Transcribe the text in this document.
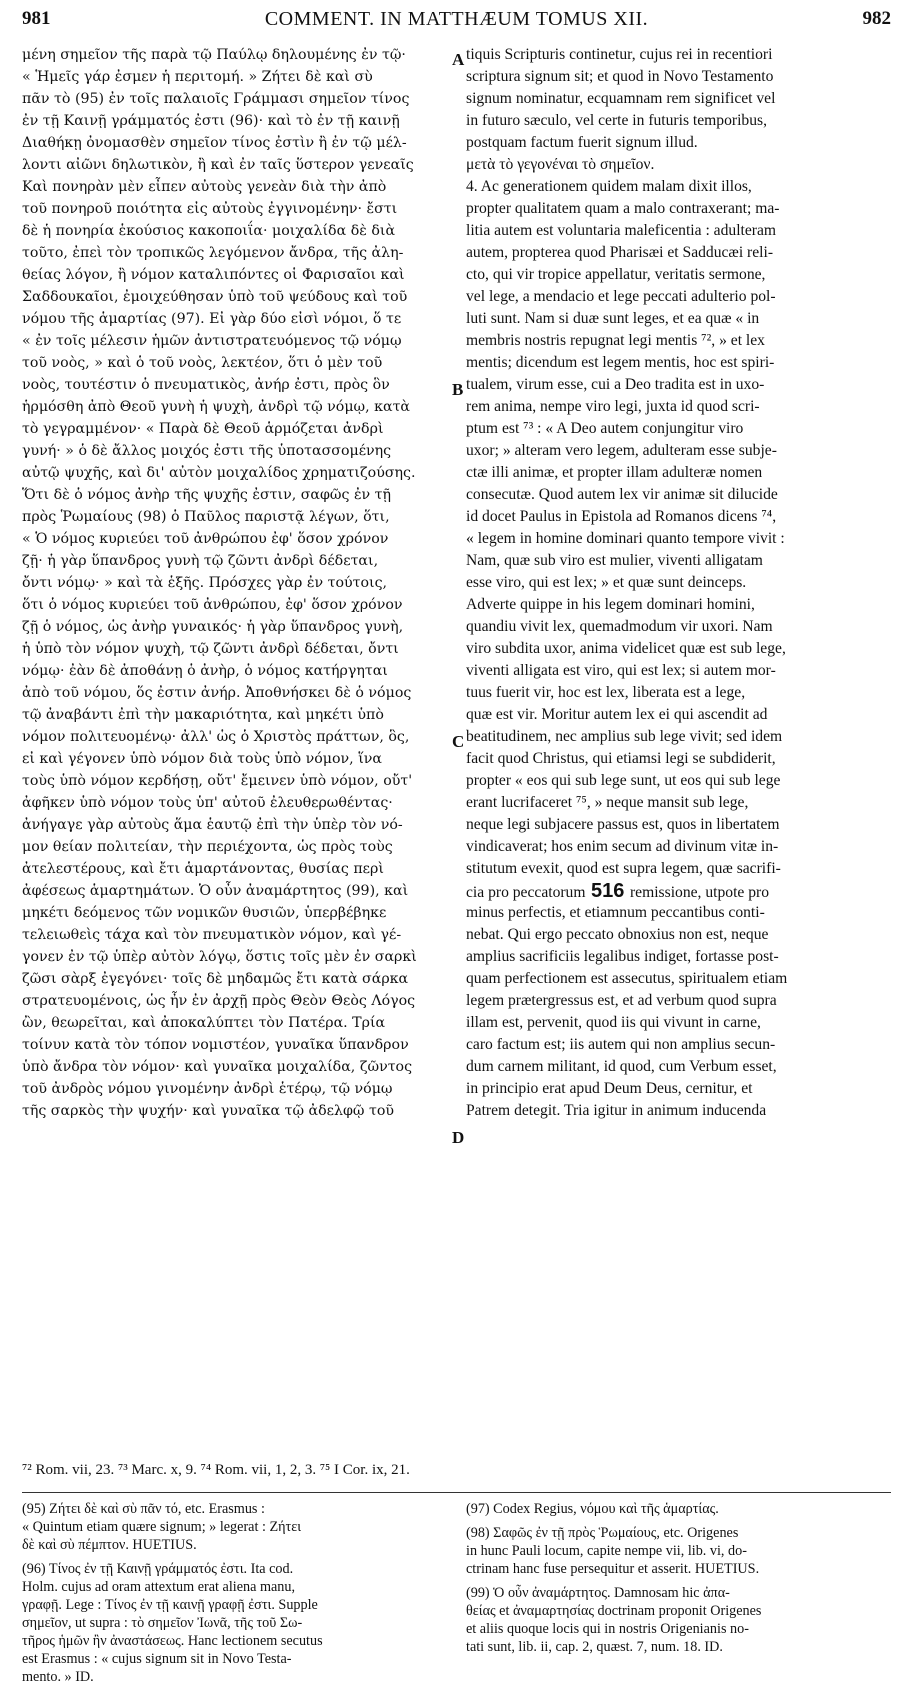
981	COMMENT. IN MATTHÆUM TOMUS XII.	982
μένη σημεῖον τῆς παρὰ τῷ Παύλῳ δηλουμένης ἐν τῷ·
« Ἡμεῖς γάρ ἐσμεν ἡ περιτομή. » Ζήτει δὲ καὶ σὺ
πᾶν τὸ (95) ἐν τοῖς παλαιοῖς Γράμμασι σημεῖον τίνος
ἐν τῇ Καινῇ γράμματός ἐστι (96)· καὶ τὸ ἐν τῇ καινῇ
Διαθήκῃ ὀνομασθὲν σημεῖον τίνος ἐστὶν ἢ ἐν τῷ μέλ-
λοντι αἰῶνι δηλωτικὸν, ἢ καὶ ἐν ταῖς ὕστερον γενεαῖς
Καὶ πονηρὰν μὲν εἶπεν αὐτοὺς γενεὰν διὰ τὴν ἀπὸ
τοῦ πονηροῦ ποιότητα εἰς αὐτοὺς ἐγγινομένην· ἔστι
δὲ ἡ πονηρία ἑκούσιος κακοποιΐα· μοιχαλίδα δὲ διὰ
τοῦτο, ἐπεὶ τὸν τροπικῶς λεγόμενον ἄνδρα, τῆς ἀλη-
θείας λόγον, ἢ νόμον καταλιπόντες οἱ Φαρισαῖοι καὶ
Σαδδουκαῖοι, ἐμοιχεύθησαν ὑπὸ τοῦ ψεύδους καὶ τοῦ
νόμου τῆς ἁμαρτίας (97). Εἰ γὰρ δύο εἰσὶ νόμοι, ὅ τε
« ἐν τοῖς μέλεσιν ἡμῶν ἀντιστρατευόμενος τῷ νόμῳ
τοῦ νοὸς, » καὶ ὁ τοῦ νοὸς, λεκτέον, ὅτι ὁ μὲν τοῦ
νοὸς, τουτέστιν ὁ πνευματικὸς, ἀνήρ ἐστι, πρὸς ὃν
ἡρμόσθη ἀπὸ Θεοῦ γυνὴ ἡ ψυχὴ, ἀνδρὶ τῷ νόμῳ, κατὰ
τὸ γεγραμμένον· « Παρὰ δὲ Θεοῦ ἁρμόζεται ἀνδρὶ
γυνή· » ὁ δὲ ἄλλος μοιχός ἐστι τῆς ὑποτασσομένης
αὐτῷ ψυχῆς, καὶ δι' αὐτὸν μοιχαλίδος χρηματιζούσης.
Ὅτι δὲ ὁ νόμος ἀνὴρ τῆς ψυχῆς ἐστιν, σαφῶς ἐν τῇ
πρὸς Ῥωμαίους (98) ὁ Παῦλος παριστᾷ λέγων, ὅτι,
« Ὁ νόμος κυριεύει τοῦ ἀνθρώπου ἐφ' ὅσον χρόνον
ζῇ· ἡ γὰρ ὕπανδρος γυνὴ τῷ ζῶντι ἀνδρὶ δέδεται,
ὄντι νόμῳ· » καὶ τὰ ἑξῆς. Πρόσχες γὰρ ἐν τούτοις,
ὅτι ὁ νόμος κυριεύει τοῦ ἀνθρώπου, ἐφ' ὅσον χρόνον
ζῇ ὁ νόμος, ὡς ἀνὴρ γυναικός· ἡ γὰρ ὕπανδρος γυνὴ,
ἡ ὑπὸ τὸν νόμον ψυχὴ, τῷ ζῶντι ἀνδρὶ δέδεται, ὄντι
νόμῳ· ἐὰν δὲ ἀποθάνῃ ὁ ἀνὴρ, ὁ νόμος κατήργηται
ἀπὸ τοῦ νόμου, ὅς ἐστιν ἀνήρ. Ἀποθνήσκει δὲ ὁ νόμος
τῷ ἀναβάντι ἐπὶ τὴν μακαριότητα, καὶ μηκέτι ὑπὸ
νόμον πολιτευομένῳ· ἀλλ' ὡς ὁ Χριστὸς πράττων, ὃς,
εἰ καὶ γέγονεν ὑπὸ νόμον διὰ τοὺς ὑπὸ νόμον, ἵνα
τοὺς ὑπὸ νόμον κερδήσῃ, οὔτ' ἔμεινεν ὑπὸ νόμον, οὔτ'
ἀφῆκεν ὑπὸ νόμον τοὺς ὑπ' αὐτοῦ ἐλευθερωθέντας·
ἀνήγαγε γὰρ αὐτοὺς ἅμα ἑαυτῷ ἐπὶ τὴν ὑπὲρ τὸν νό-
μον θείαν πολιτείαν, τὴν περιέχοντα, ὡς πρὸς τοὺς
ἀτελεστέρους, καὶ ἔτι ἁμαρτάνοντας, θυσίας περὶ
ἀφέσεως ἁμαρτημάτων. Ὁ οὖν ἀναμάρτητος (99), καὶ
μηκέτι δεόμενος τῶν νομικῶν θυσιῶν, ὑπερβέβηκε
τελειωθεὶς τάχα καὶ τὸν πνευματικὸν νόμον, καὶ γέ-
γονεν ἐν τῷ ὑπὲρ αὐτὸν λόγῳ, ὅστις τοῖς μὲν ἐν σαρκὶ
ζῶσι σὰρξ ἐγεγόνει· τοῖς δὲ μηδαμῶς ἔτι κατὰ σάρκα
στρατευομένοις, ὡς ἦν ἐν ἀρχῇ πρὸς Θεὸν Θεὸς Λόγος
ὢν, θεωρεῖται, καὶ ἀποκαλύπτει τὸν Πατέρα. Τρία
τοίνυν κατὰ τὸν τόπον νομιστέον, γυναῖκα ὕπανδρον
ὑπὸ ἄνδρα τὸν νόμον· καὶ γυναῖκα μοιχαλίδα, ζῶντος
τοῦ ἀνδρὸς νόμου γινομένην ἀνδρὶ ἑτέρῳ, τῷ νόμῳ
τῆς σαρκὸς τὴν ψυχήν· καὶ γυναῖκα τῷ ἀδελφῷ τοῦ
tiquis Scripturis continetur, cujus rei in recentiori
scriptura signum sit; et quod in Novo Testamento
signum nominatur, ecquamnam rem significet vel
in futuro sæculo, vel certe in futuris temporibus,
postquam factum fuerit signum illud.
μετὰ τὸ γεγονέναι τὸ σημεῖον.
4. Ac generationem quidem malam dixit illos,
propter qualitatem quam a malo contraxerant; ma-
litia autem est voluntaria maleficentia : adulteram
autem, propterea quod Pharisæi et Sadducæi reli-
cto, qui vir tropice appellatur, veritatis sermone,
vel lege, a mendacio et lege peccati adulterio pol-
luti sunt. Nam si duæ sunt leges, et ea quæ « in
membris nostris repugnat legi mentis ⁷², » et lex
mentis; dicendum est legem mentis, hoc est spiri-
tualem, virum esse, cui a Deo tradita est in uxo-
rem anima, nempe viro legi, juxta id quod scri-
ptum est ⁷³ : « A Deo autem conjungitur viro
uxor; » alteram vero legem, adulteram esse subje-
ctæ illi animæ, et propter illam adulteræ nomen
consecutæ. Quod autem lex vir animæ sit dilucide
id docet Paulus in Epistola ad Romanos dicens ⁷⁴,
« legem in homine dominari quanto tempore vivit :
Nam, quæ sub viro est mulier, viventi alligatam
esse viro, qui est lex; » et quæ sunt deinceps.
Adverte quippe in his legem dominari homini,
quandiu vivit lex, quemadmodum vir uxori. Nam
viro subdita uxor, anima videlicet quæ est sub lege,
viventi alligata est viro, qui est lex; si autem mor-
tuus fuerit vir, hoc est lex, liberata est a lege,
quæ est vir. Moritur autem lex ei qui ascendit ad
beatitudinem, nec amplius sub lege vivit; sed idem
facit quod Christus, qui etiamsi legi se subdiderit,
propter « eos qui sub lege sunt, ut eos qui sub lege
erant lucrifaceret ⁷⁵, » neque mansit sub lege,
neque legi subjacere passus est, quos in libertatem
vindicaverat; hos enim secum ad divinum vitæ in-
stitutum evexit, quod est supra legem, quæ sacrifi-
cia pro peccatorum 516 remissione, utpote pro
minus perfectis, et etiamnum peccantibus conti-
nebat. Qui ergo peccato obnoxius non est, neque
amplius sacrificiis legalibus indiget, fortasse post-
quam perfectionem est assecutus, spiritualem etiam
legem prætergressus est, et ad verbum quod supra
illam est, pervenit, quod iis qui vivunt in carne,
caro factum est; iis autem qui non amplius secun-
dum carnem militant, id quod, cum Verbum esset,
in principio erat apud Deum Deus, cernitur, et
Patrem detegit. Tria igitur in animum inducenda
A
B
C
D
⁷² Rom. vii, 23. ⁷³ Marc. x, 9. ⁷⁴ Rom. vii, 1, 2, 3. ⁷⁵ I Cor. ix, 21.
(95) Ζήτει δὲ καὶ σὺ πᾶν τό, etc. Erasmus :
« Quintum etiam quære signum; » legerat : Ζήτει
δὲ καὶ σὺ πέμπτον. HUETIUS.
(96) Τίνος ἐν τῇ Καινῇ γράμματός ἐστι. Ita cod.
Holm. cujus ad oram attextum erat aliena manu,
γραφῇ. Lege : Τίνος ἐν τῇ καινῇ γραφῇ ἐστι. Supple
σημεῖον, ut supra : τὸ σημεῖον Ἰωνᾶ, τῆς τοῦ Σω-
τῆρος ἡμῶν ἢν ἀναστάσεως. Hanc lectionem secutus
est Erasmus : « cujus signum sit in Novo Testa-
mento. » ID.
(97) Codex Regius, νόμου καὶ τῆς ἁμαρτίας.
(98) Σαφῶς ἐν τῇ πρὸς Ῥωμαίους, etc. Origenes
in hunc Pauli locum, capite nempe vii, lib. vi, do-
ctrinam hanc fuse persequitur et asserit. HUETIUS.
(99) Ὁ οὖν ἀναμάρτητος. Damnosam hic ἀπα-
θείας et ἀναμαρτησίας doctrinam proponit Origenes
et aliis quoque locis qui in nostris Origenianis no-
tati sunt, lib. ii, cap. 2, quæst. 7, num. 18. ID.
